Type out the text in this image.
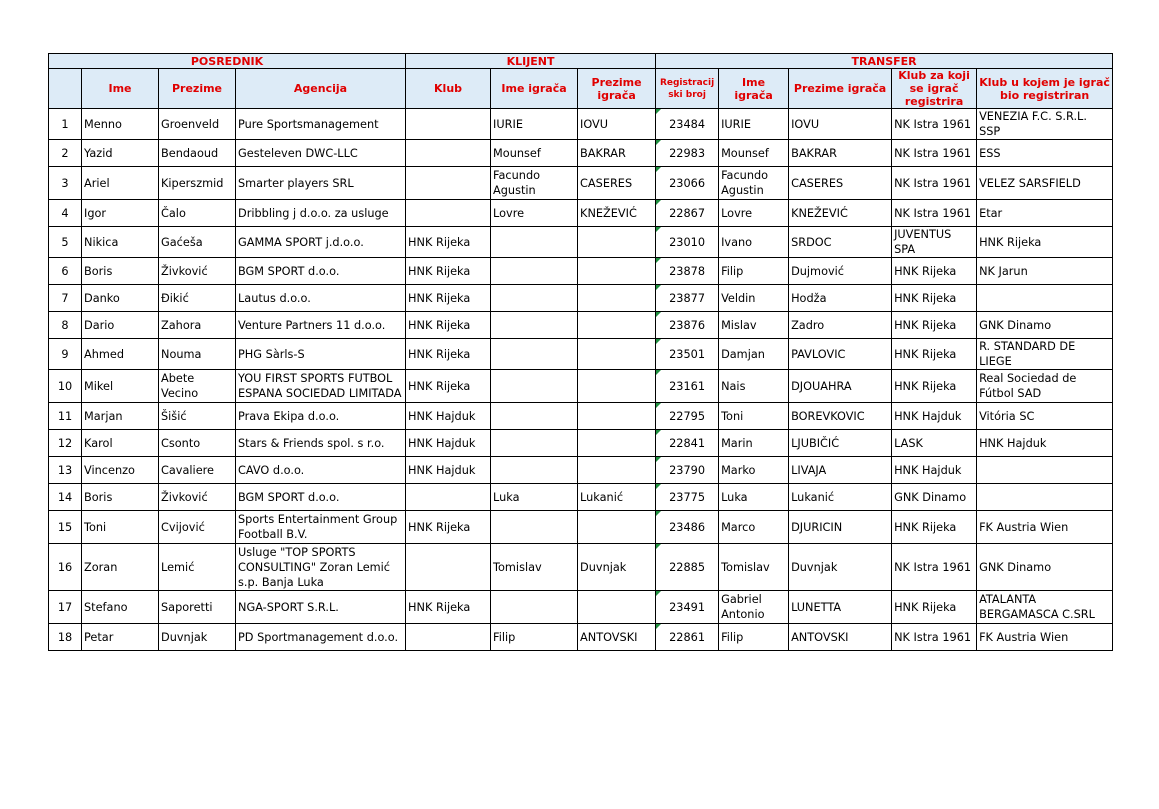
POSREDNIK				KLIJENT			TRANSFER				
	Ime	Prezime	Agencija	Klub	Ime igrača	Prezime igrača	Registracijski broj	Ime igrača	Prezime igrača	Klub za koji se igrač registrira	Klub u kojem je igrač bio registriran
1	Menno	Groenveld	Pure Sportsmanagement		IURIE	IOVU	23484	IURIE	IOVU	NK Istra 1961	VENEZIA F.C. S.R.L. SSP
2	Yazid	Bendaoud	Gesteleven DWC-LLC		Mounsef	BAKRAR	22983	Mounsef	BAKRAR	NK Istra 1961	ESS
3	Ariel	Kiperszmid	Smarter players SRL		Facundo Agustin	CASERES	23066	Facundo Agustin	CASERES	NK Istra 1961	VELEZ SARSFIELD
4	Igor	Čalo	Dribbling j d.o.o. za usluge		Lovre	KNEŽEVIĆ	22867	Lovre	KNEŽEVIĆ	NK Istra 1961	Etar
5	Nikica	Gaćeša	GAMMA SPORT j.d.o.o.	HNK Rijeka			23010	Ivano	SRDOC	JUVENTUS SPA	HNK Rijeka
6	Boris	Živković	BGM SPORT d.o.o.	HNK Rijeka			23878	Filip	Dujmović	HNK Rijeka	NK Jarun
7	Danko	Đikić	Lautus d.o.o.	HNK Rijeka			23877	Veldin	Hodža	HNK Rijeka	
8	Dario	Zahora	Venture Partners 11 d.o.o.	HNK Rijeka			23876	Mislav	Zadro	HNK Rijeka	GNK Dinamo
9	Ahmed	Nouma	PHG Sàrls-S	HNK Rijeka			23501	Damjan	PAVLOVIC	HNK Rijeka	R. STANDARD DE LIEGE
10	Mikel	Abete Vecino	YOU FIRST SPORTS FUTBOL ESPANA SOCIEDAD LIMITADA	HNK Rijeka			23161	Nais	DJOUAHRA	HNK Rijeka	Real Sociedad de Fútbol SAD
11	Marjan	Šišić	Prava Ekipa d.o.o.	HNK Hajduk			22795	Toni	BOREVKOVIC	HNK Hajduk	Vitória SC
12	Karol	Csonto	Stars & Friends spol. s r.o.	HNK Hajduk			22841	Marin	LJUBIČIĆ	LASK	HNK Hajduk
13	Vincenzo	Cavaliere	CAVO d.o.o.	HNK Hajduk			23790	Marko	LIVAJA	HNK Hajduk	
14	Boris	Živković	BGM SPORT d.o.o.		Luka	Lukanić	23775	Luka	Lukanić	GNK Dinamo	
15	Toni	Cvijović	Sports Entertainment Group Football B.V.	HNK Rijeka			23486	Marco	DJURICIN	HNK Rijeka	FK Austria Wien
16	Zoran	Lemić	Usluge "TOP SPORTS CONSULTING" Zoran Lemić s.p. Banja Luka		Tomislav	Duvnjak	22885	Tomislav	Duvnjak	NK Istra 1961	GNK Dinamo
17	Stefano	Saporetti	NGA-SPORT S.R.L.	HNK Rijeka			23491	Gabriel Antonio	LUNETTA	HNK Rijeka	ATALANTA BERGAMASCA C.SRL
18	Petar	Duvnjak	PD Sportmanagement d.o.o.		Filip	ANTOVSKI	22861	Filip	ANTOVSKI	NK Istra 1961	FK Austria Wien
